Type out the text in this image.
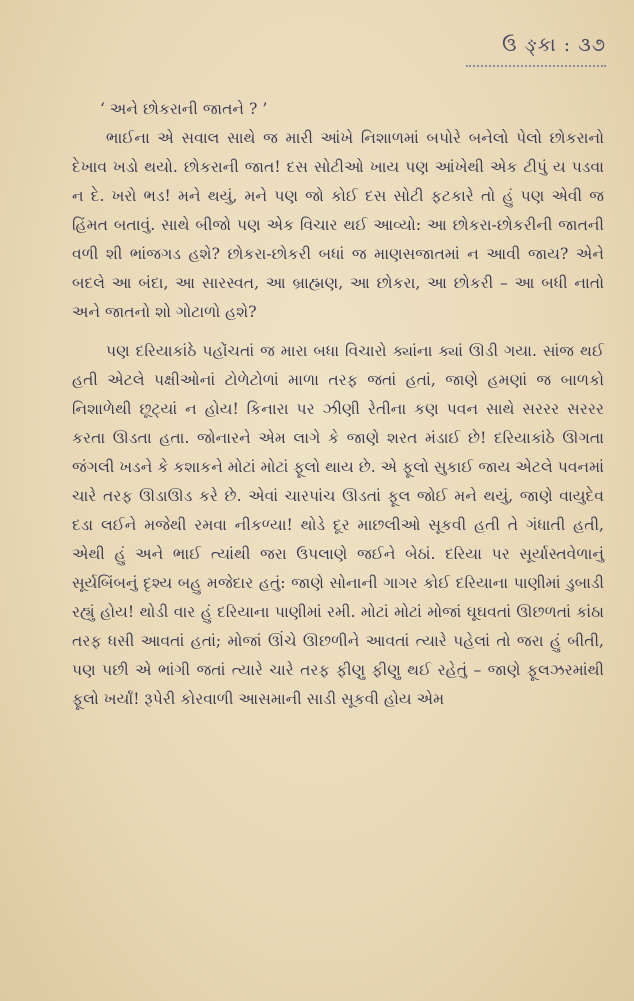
ઉ ઙ્કા : ૩૭

‘ અને છોકરાની જાતને ? ’

ભાઈના એ સવાલ સાથે જ મારી આંખે નિશાળમાં બપોરે બનેલો પેલો છોકરાનો દેખાવ ખડો થયો. છોકરાની જાત! દસ સોટીઓ ખાય પણ આંખેથી એક ટીપું ય પડવા ન દે. ખરો ભડ! મને થયું, મને પણ જો કોઈ દસ સોટી ફટકારે તો હું પણ એવી જ હિંમત બતાવું. સાથે બીજો પણ એક વિચાર થઈ આવ્યો: આ છોકરા-છોકરીની જાતની વળી શી ભાંજગડ હશે? છોકરા-છોકરી બધાં જ માણસજાતમાં ન આવી જાય? એને બદલે આ બંદા, આ સારસ્વત, આ બ્રાહ્મણ, આ છોકરા, આ છોકરી – આ બધી નાતો અને જાતનો શો ગોટાળો હશે?

પણ દરિયાકાંઠે પહોંચતાં જ મારા બધા વિચારો ક્યાંના ક્યાં ઊડી ગયા. સાંજ થઈ હતી એટલે પક્ષીઓનાં ટોળેટોળાં માળા તરફ જતાં હતાં, જાણે હમણાં જ બાળકો નિશાળેથી છૂટ્યાં ન હોય! કિનારા પર ઝીણી રેતીના કણ પવન સાથે સરરર સરરર કરતા ઊડતા હતા. જોનારને એમ લાગે કે જાણે શરત મંડાઈ છે! દરિયાકાંઠે ઊગતા જંગલી ખડને કે કશાકને મોટાં મોટાં ફૂલો થાય છે. એ ફૂલો સુકાઈ જાય એટલે પવનમાં ચારે તરફ ઊડાઊડ કરે છે. એવાં ચારપાંચ ઊડતાં ફૂલ જોઈ મને થયું, જાણે વાયુદેવ દડા લઈને મજેથી રમવા નીકળ્યા! થોડે દૂર માછલીઓ સૂકવી હતી તે ગંધાતી હતી, એથી હું અને ભાઈ ત્યાંથી જરા ઉપલાણે જઈને બેઠાં. દરિયા પર સૂર્યાસ્તવેળાનું સૂર્યબિંબનું દૃશ્ય બહુ મજેદાર હતું: જાણે સોનાની ગાગર કોઈ દરિયાના પાણીમાં ડુબાડી રહ્યું હોય! થોડી વાર હું દરિયાના પાણીમાં રમી. મોટાં મોટાં મોજાં ઘૂઘવતાં ઊછળતાં કાંઠા તરફ ધસી આવતાં હતાં; મોજાં ઊંચે ઊછળીને આવતાં ત્યારે પહેલાં તો જરા હું બીતી, પણ પછી એ ભાંગી જતાં ત્યારે ચારે તરફ ફીણુ ફીણુ થઈ રહેતું – જાણે ફૂલઝરમાંથી ફૂલો ખર્યાં! રૂપેરી કોરવાળી આસમાની સાડી સૂકવી હોય એમ
